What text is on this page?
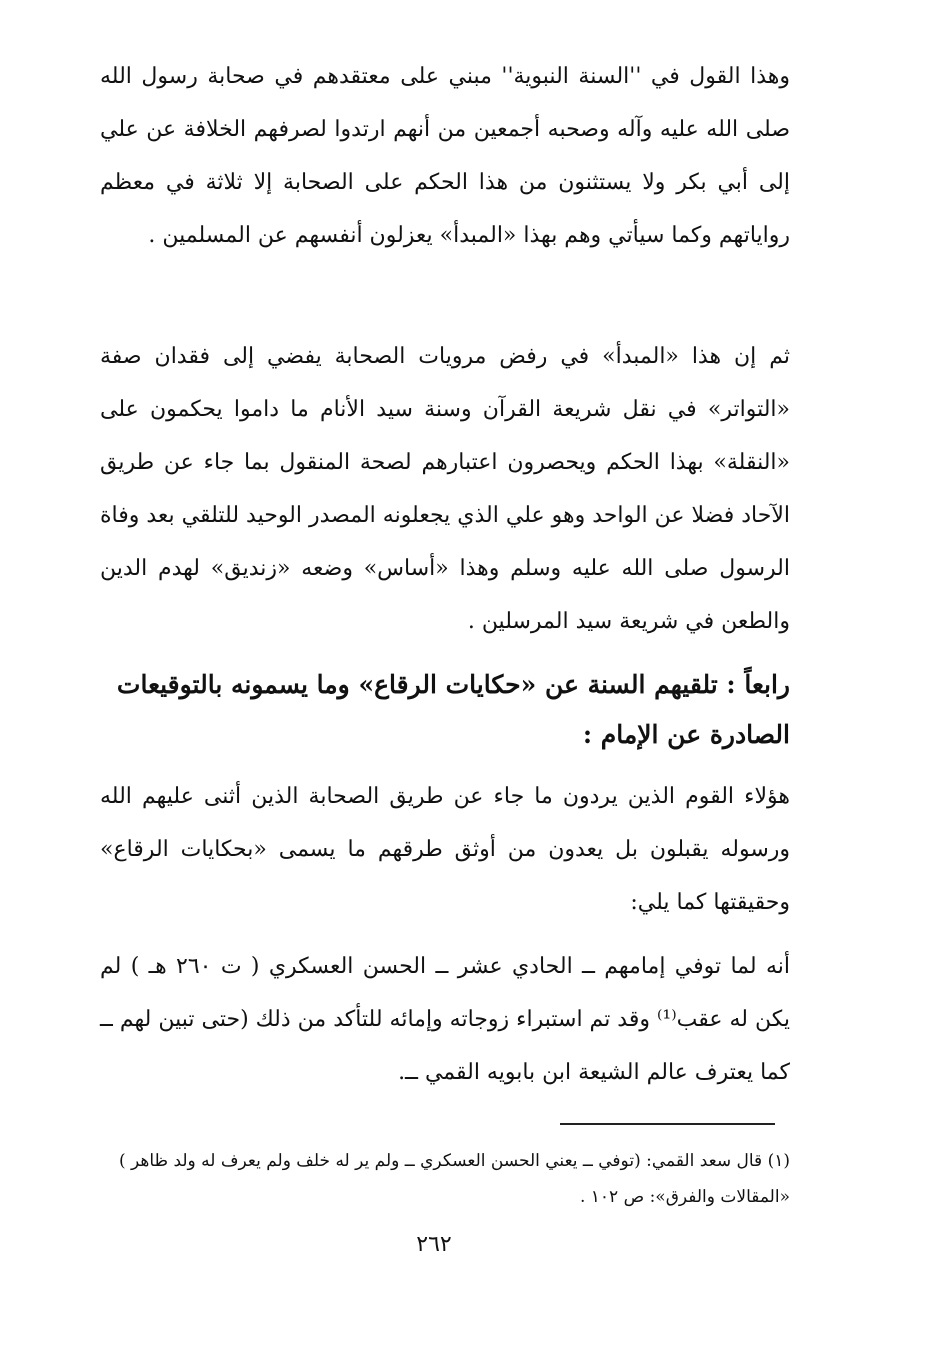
وهذا القول في ''السنة النبوية'' مبني على معتقدهم في صحابة رسول الله صلى الله عليه وآله وصحبه أجمعين من أنهم ارتدوا لصرفهم الخلافة عن علي إلى أبي بكر ولا يستثنون من هذا الحكم على الصحابة إلا ثلاثة في معظم رواياتهم وكما سيأتي وهم بهذا «المبدأ» يعزلون أنفسهم عن المسلمين .

ثم إن هذا «المبدأ» في رفض مرويات الصحابة يفضي إلى فقدان صفة «التواتر» في نقل شريعة القرآن وسنة سيد الأنام ما داموا يحكمون على «النقلة» بهذا الحكم ويحصرون اعتبارهم لصحة المنقول بما جاء عن طريق الآحاد فضلا عن الواحد وهو علي الذي يجعلونه المصدر الوحيد للتلقي بعد وفاة الرسول صلى الله عليه وسلم وهذا «أساس» وضعه «زنديق» لهدم الدين والطعن في شريعة سيد المرسلين .

رابعاً : تلقيهم السنة عن «حكايات الرقاع» وما يسمونه بالتوقيعات الصادرة عن الإمام :

هؤلاء القوم الذين يردون ما جاء عن طريق الصحابة الذين أثنى عليهم الله ورسوله يقبلون بل يعدون من أوثق طرقهم ما يسمى «بحكايات الرقاع» وحقيقتها كما يلي:

أنه لما توفي إمامهم ــ الحادي عشر ــ الحسن العسكري ( ت ٢٦٠ هـ ) لم يكن له عقب⁽¹⁾ وقد تم استبراء زوجاته وإمائه للتأكد من ذلك (حتى تبين لهم ــ كما يعترف عالم الشيعة ابن بابويه القمي ــ.

(١) قال سعد القمي: (توفي ــ يعني الحسن العسكري ــ ولم ير له خلف ولم يعرف له ولد ظاهر ) «المقالات والفرق»: ص ١٠٢ .

٢٦٢
